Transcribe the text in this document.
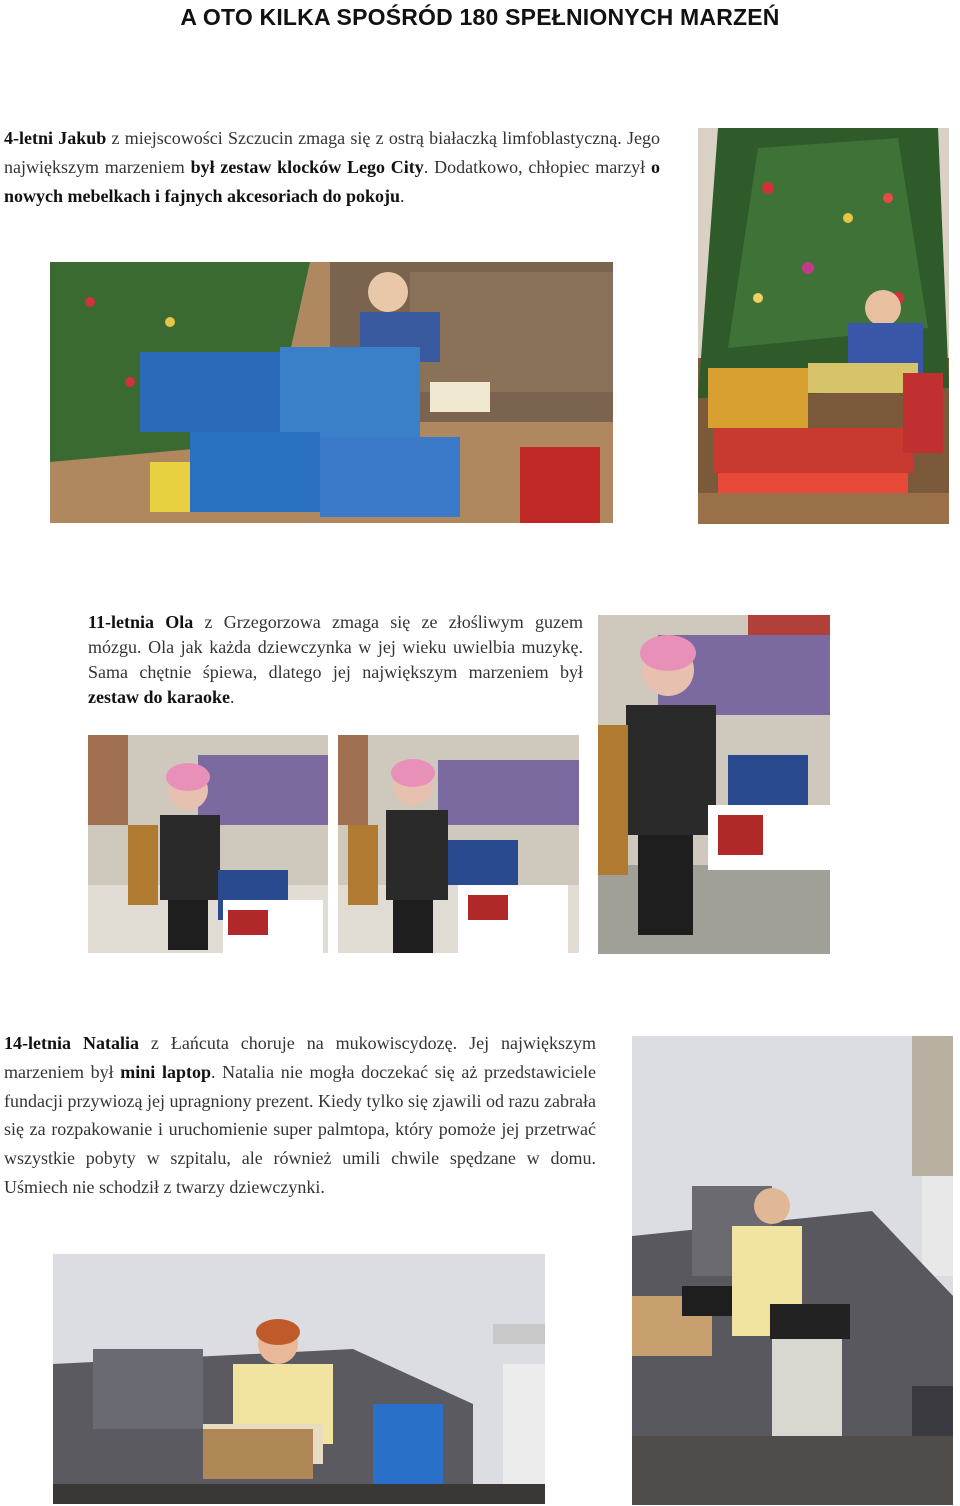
A OTO KILKA SPOŚRÓD 180 SPEŁNIONYCH MARZEŃ

4-letni Jakub z miejscowości Szczucin zmaga się z ostrą białaczką limfoblastyczną. Jego największym marzeniem był zestaw klocków Lego City. Dodatkowo, chłopiec marzył o nowych mebelkach i fajnych akcesoriach do pokoju.

11-letnia Ola z Grzegorzowa zmaga się ze złośliwym guzem mózgu. Ola jak każda dziewczynka w jej wieku uwielbia muzykę. Sama chętnie śpiewa, dlatego jej największym marzeniem był zestaw do karaoke.

14-letnia Natalia z Łańcuta choruje na mukowiscydozę. Jej największym marzeniem był mini laptop. Natalia nie mogła doczekać się aż przedstawiciele fundacji przywiozą jej upragniony prezent. Kiedy tylko się zjawili od razu zabrała się za rozpakowanie i uruchomienie super palmtopa, który pomoże jej przetrwać wszystkie pobyty w szpitalu, ale również umili chwile spędzane w domu. Uśmiech nie schodził z twarzy dziewczynki.
